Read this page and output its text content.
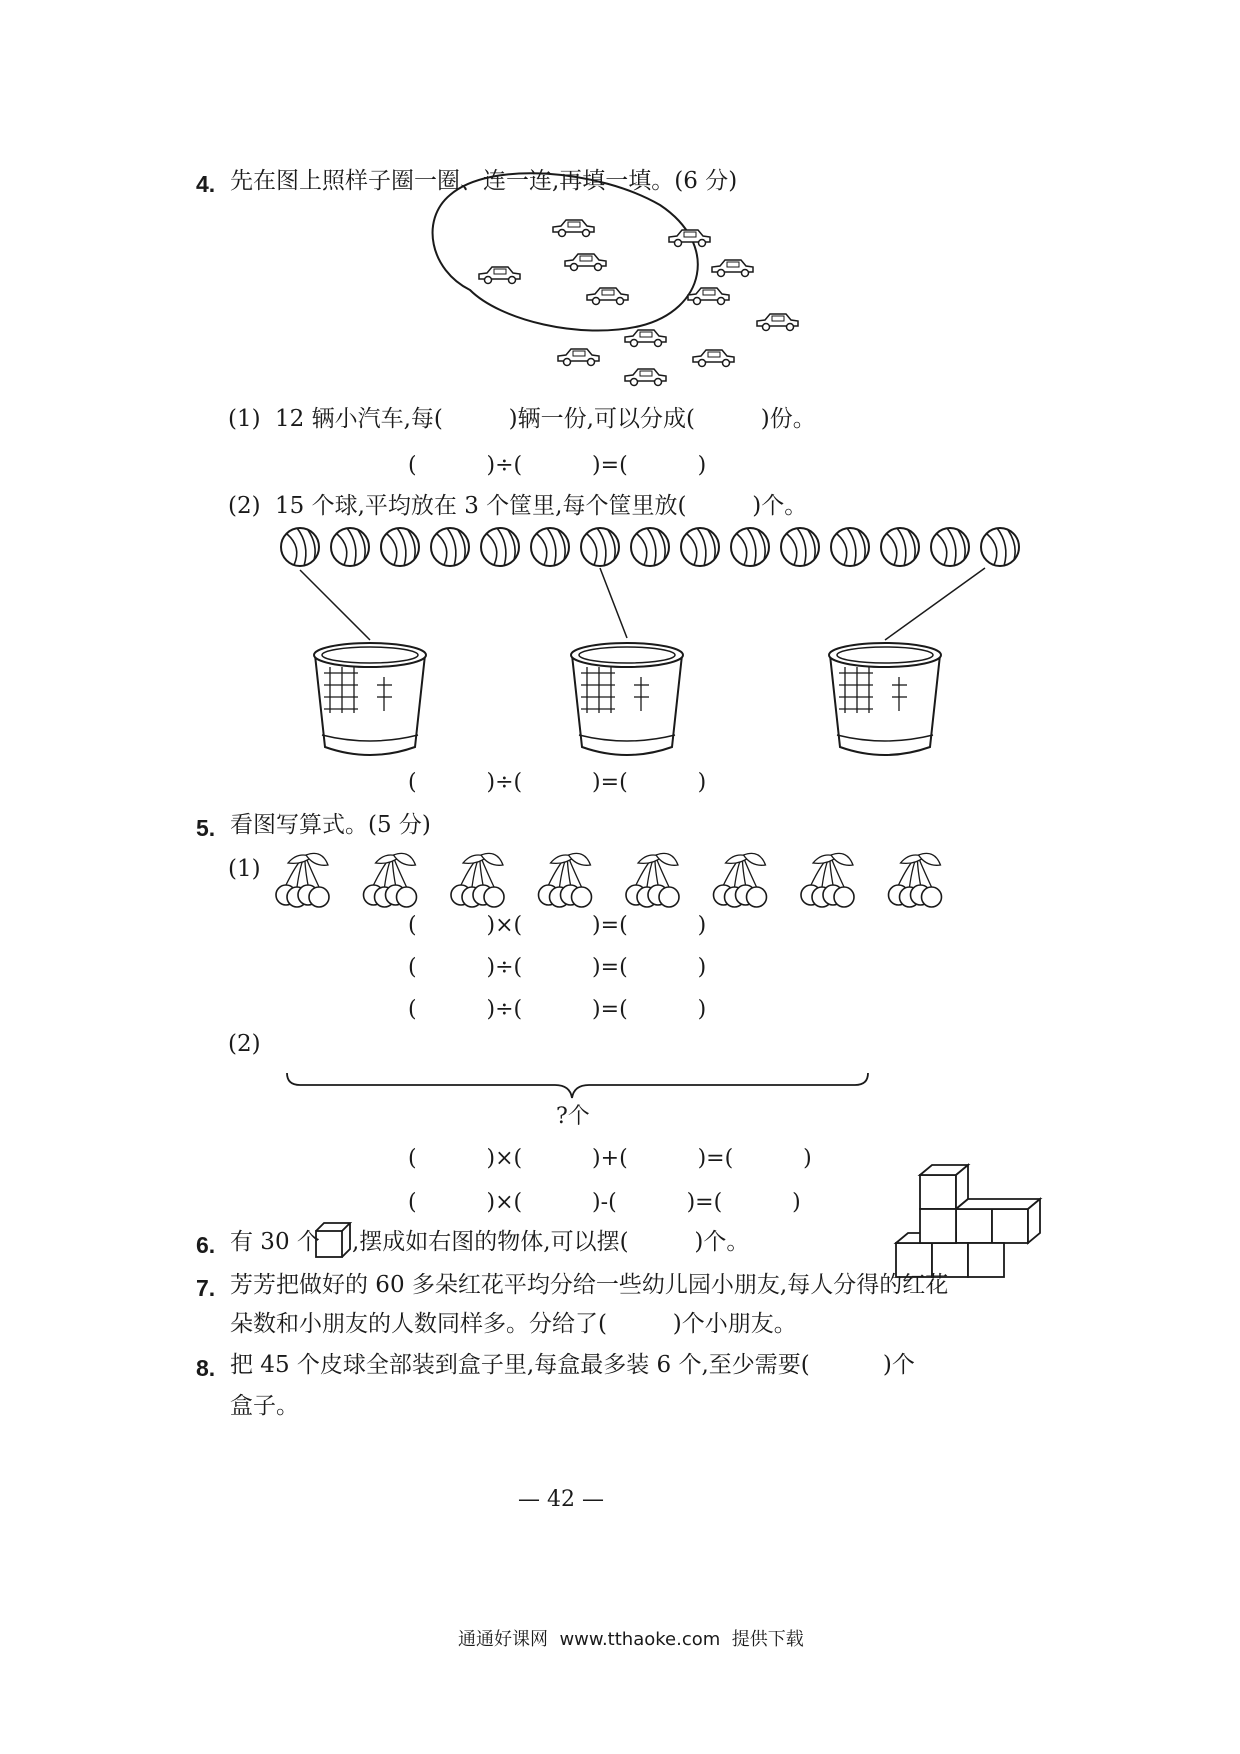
4. 先在图上照样子圈一圈、连一连,再填一填。(6 分)
(1) 12 辆小汽车,每(         )辆一份,可以分成(         )份。
(          )÷(          )=(          )
(2) 15 个球,平均放在 3 个筐里,每个筐里放(         )个。
(          )÷(          )=(          )
5. 看图写算式。(5 分)
(1)
(          )×(          )=(          )
(          )÷(          )=(          )
(          )÷(          )=(          )
(2)
?个
(          )×(          )+(          )=(          )
(          )×(          )-(          )=(          )
6. 有 30 个 ,摆成如右图的物体,可以摆(         )个。
7. 芳芳把做好的 60 多朵红花平均分给一些幼儿园小朋友,每人分得的红花
朵数和小朋友的人数同样多。分给了(         )个小朋友。
8. 把 45 个皮球全部装到盒子里,每盒最多装 6 个,至少需要(          )个
盒子。
— 42 —
通通好课网  www.tthaoke.com  提供下载
